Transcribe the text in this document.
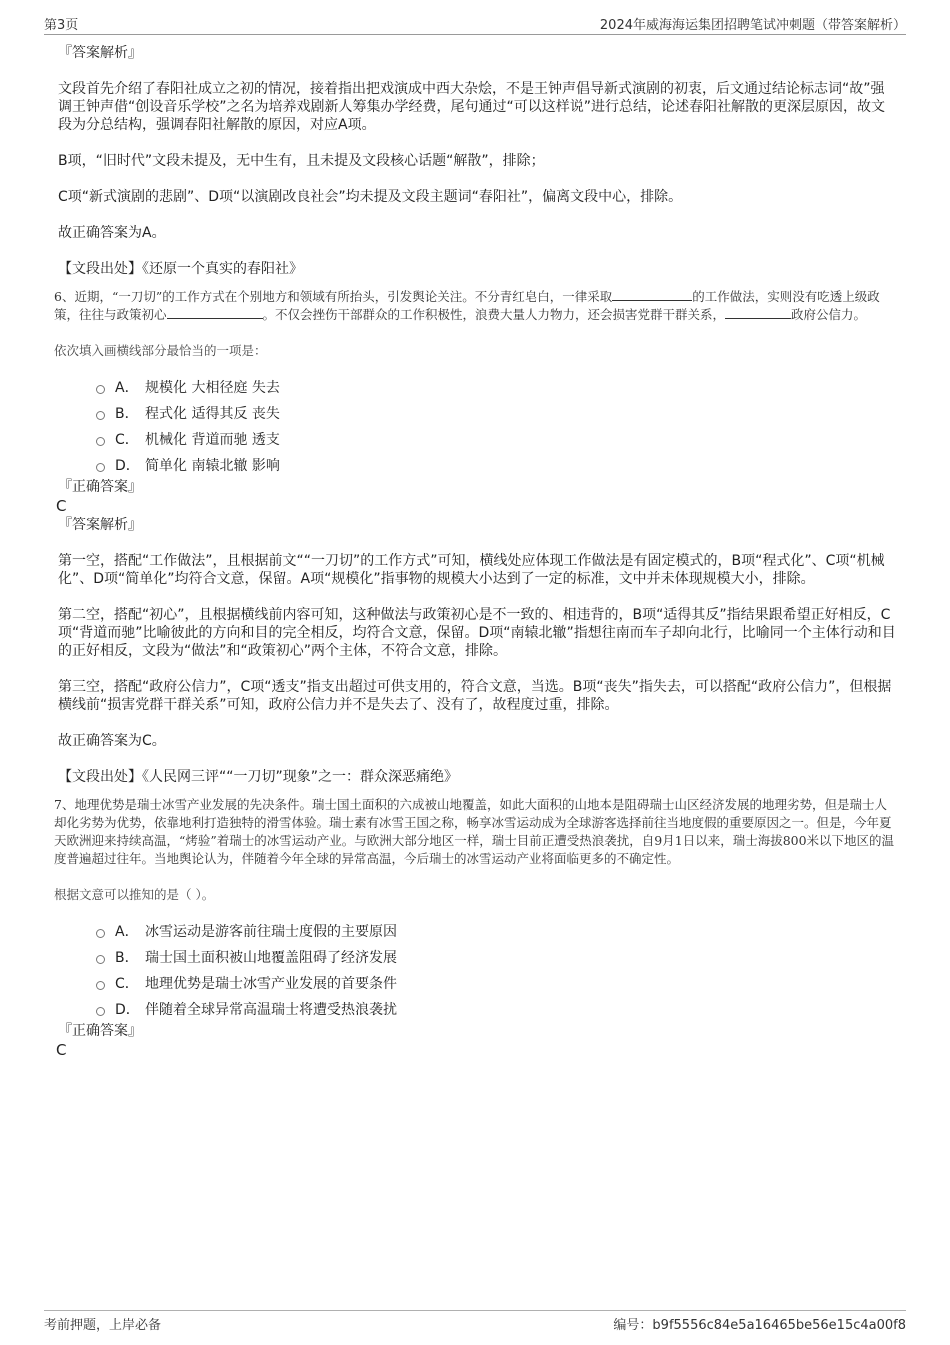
第3页	2024年威海海运集团招聘笔试冲刺题（带答案解析）

『答案解析』

文段首先介绍了春阳社成立之初的情况，接着指出把戏演成中西大杂烩，不是王钟声倡导新式演剧的初衷，后文通过结论标志词“故”强调王钟声借“创设音乐学校”之名为培养戏剧新人筹集办学经费，尾句通过“可以这样说”进行总结，论述春阳社解散的更深层原因，故文段为分总结构，强调春阳社解散的原因，对应A项。

B项，“旧时代”文段未提及，无中生有，且未提及文段核心话题“解散”，排除；

C项“新式演剧的悲剧”、D项“以演剧改良社会”均未提及文段主题词“春阳社”，偏离文段中心，排除。

故正确答案为A。

【文段出处】《还原一个真实的春阳社》

6、近期，“一刀切”的工作方式在个别地方和领域有所抬头，引发舆论关注。不分青红皂白，一律采取	的工作做法，实则没有吃透上级政策，往往与政策初心	。不仅会挫伤干部群众的工作积极性，浪费大量人力物力，还会损害党群干群关系，	政府公信力。

依次填入画横线部分最恰当的一项是：

A． 规模化 大相径庭 失去
B． 程式化 适得其反 丧失
C． 机械化 背道而驰 透支
D． 简单化 南辕北辙 影响

『正确答案』

C

『答案解析』

第一空，搭配“工作做法”，且根据前文““一刀切”的工作方式”可知，横线处应体现工作做法是有固定模式的，B项“程式化”、C项“机械化”、D项“简单化”均符合文意，保留。A项“规模化”指事物的规模大小达到了一定的标准，文中并未体现规模大小，排除。

第二空，搭配“初心”，且根据横线前内容可知，这种做法与政策初心是不一致的、相违背的，B项“适得其反”指结果跟希望正好相反，C项“背道而驰”比喻彼此的方向和目的完全相反，均符合文意，保留。D项“南辕北辙”指想往南而车子却向北行，比喻同一个主体行动和目的正好相反，文段为“做法”和“政策初心”两个主体，不符合文意，排除。

第三空，搭配“政府公信力”，C项“透支”指支出超过可供支用的，符合文意，当选。B项“丧失”指失去，可以搭配“政府公信力”，但根据横线前“损害党群干群关系”可知，政府公信力并不是失去了、没有了，故程度过重，排除。

故正确答案为C。

【文段出处】《人民网三评““一刀切”现象”之一：群众深恶痛绝》

7、地理优势是瑞士冰雪产业发展的先决条件。瑞士国土面积的六成被山地覆盖，如此大面积的山地本是阻碍瑞士山区经济发展的地理劣势，但是瑞士人却化劣势为优势，依靠地利打造独特的滑雪体验。瑞士素有冰雪王国之称，畅享冰雪运动成为全球游客选择前往当地度假的重要原因之一。但是，今年夏天欧洲迎来持续高温，“烤验”着瑞士的冰雪运动产业。与欧洲大部分地区一样，瑞士目前正遭受热浪袭扰，自9月1日以来，瑞士海拔800米以下地区的温度普遍超过往年。当地舆论认为，伴随着今年全球的异常高温，今后瑞士的冰雪运动产业将面临更多的不确定性。

根据文意可以推知的是（ ）。

A． 冰雪运动是游客前往瑞士度假的主要原因
B． 瑞士国土面积被山地覆盖阻碍了经济发展
C． 地理优势是瑞士冰雪产业发展的首要条件
D． 伴随着全球异常高温瑞士将遭受热浪袭扰

『正确答案』

C

考前押题，上岸必备	编号：b9f5556c84e5a16465be56e15c4a00f8
